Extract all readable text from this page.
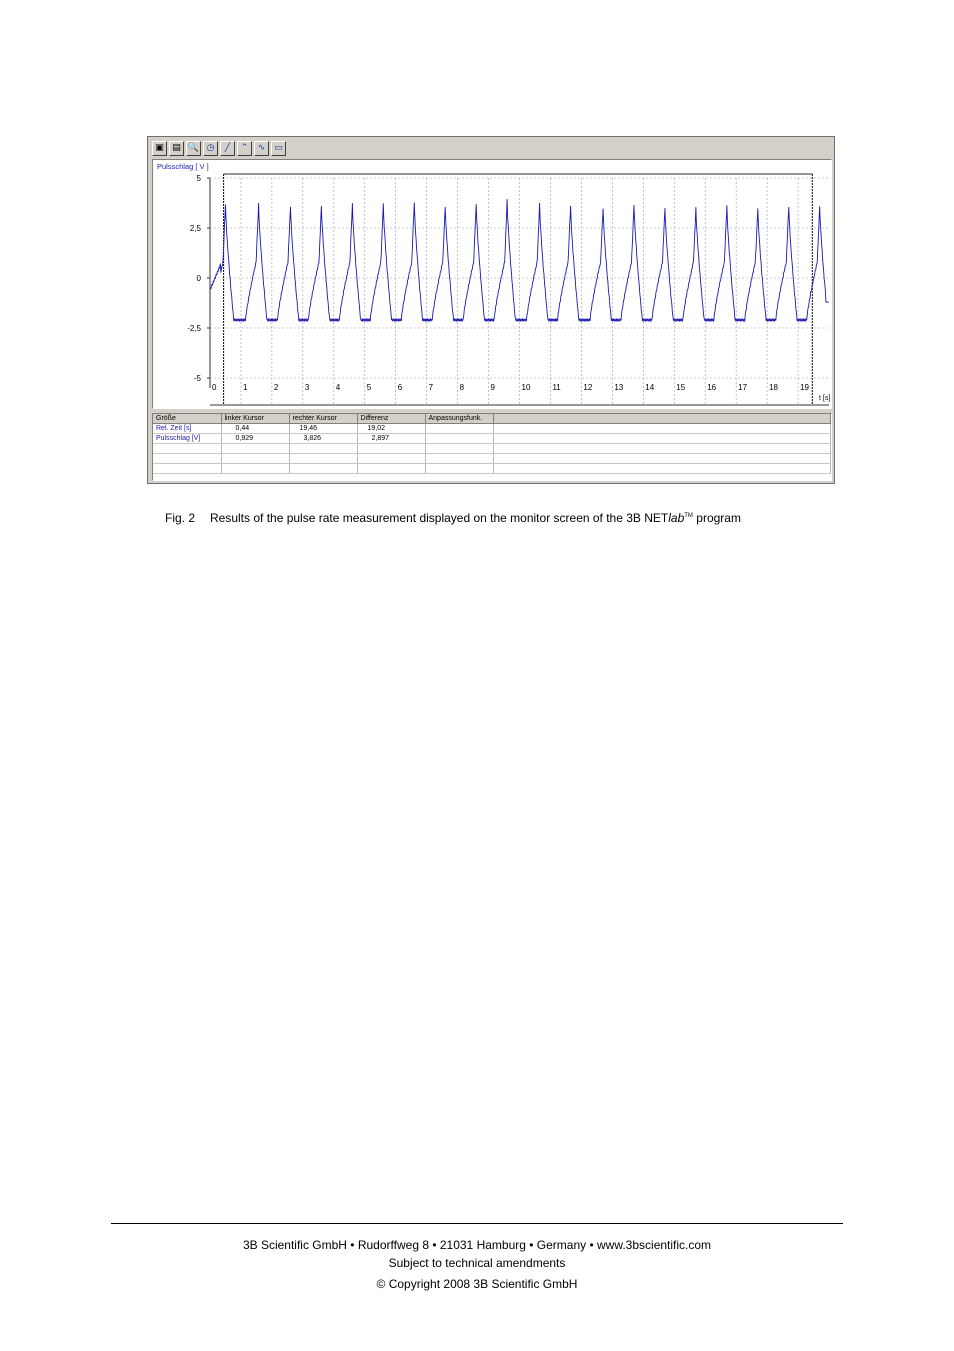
▣ ▤ 🔍 ◷	╱	⌃	∿ ▭
5
2,5
0
-2,5
-5
0	1	2	3	4	5	6	7	8	9	10	11	12	13	14	15	16	17	18	19
Pulsschlag [ V ]
t [s]
Größe	linker Kursor	rechter Kursor	Differenz	Anpassungsfunk.	
Rel. Zeit [s]	0,44	19,46	19,02		
Pulsschlag [V]	0,929	3,826	2,897		

Fig. 2 Results of the pulse rate measurement displayed on the monitor screen of the 3B NETlab™ program
3B Scientific GmbH • Rudorffweg 8 • 21031 Hamburg • Germany • www.3bscientific.com
Subject to technical amendments
© Copyright 2008 3B Scientific GmbH
